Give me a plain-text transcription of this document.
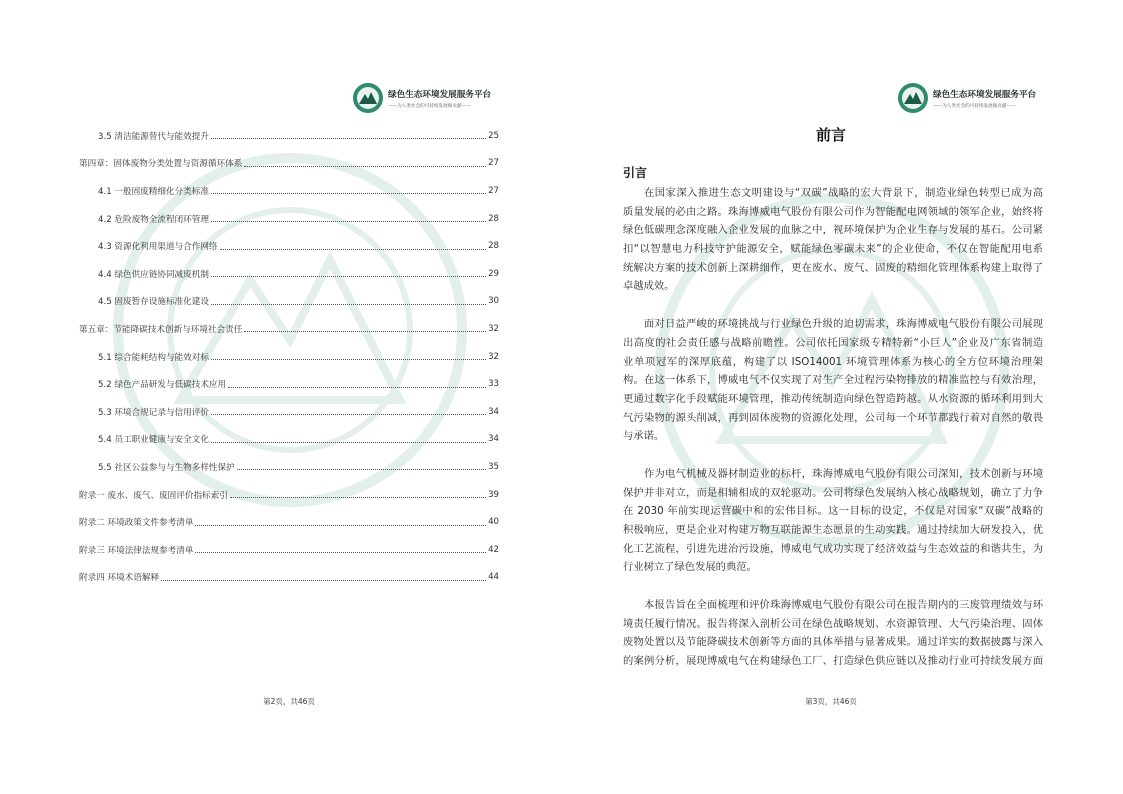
绿色生态环境发展服务平台
——为人类社会的可持续发展做贡献——
3.5 清洁能源替代与能效提升	25
第四章：固体废物分类处置与资源循环体系	27
4.1 一般固废精细化分类标准	27
4.2 危险废物全流程闭环管理	28
4.3 资源化利用渠道与合作网络	28
4.4 绿色供应链协同减废机制	29
4.5 固废暂存设施标准化建设	30
第五章：节能降碳技术创新与环境社会责任	32
5.1 综合能耗结构与能效对标	32
5.2 绿色产品研发与低碳技术应用	33
5.3 环境合规记录与信用评价	34
5.4 员工职业健康与安全文化	34
5.5 社区公益参与与生物多样性保护	35
附录一 废水、废气、废固评价指标索引	39
附录二 环境政策文件参考清单	40
附录三 环境法律法规参考清单	42
附录四 环境术语解释	44
第2页，共46页
绿色生态环境发展服务平台
——为人类社会的可持续发展做贡献——
前言
引言
在国家深入推进生态文明建设与“双碳”战略的宏大背景下，制造业绿色转型已成为高
质量发展的必由之路。珠海博威电气股份有限公司作为智能配电网领域的领军企业，始终将
绿色低碳理念深度融入企业发展的血脉之中，视环境保护为企业生存与发展的基石。公司紧
扣“以智慧电力科技守护能源安全，赋能绿色零碳未来”的企业使命，不仅在智能配用电系
统解决方案的技术创新上深耕细作，更在废水、废气、固废的精细化管理体系构建上取得了
卓越成效。
面对日益严峻的环境挑战与行业绿色升级的迫切需求，珠海博威电气股份有限公司展现
出高度的社会责任感与战略前瞻性。公司依托国家级专精特新“小巨人”企业及广东省制造
业单项冠军的深厚底蕴，构建了以 ISO14001 环境管理体系为核心的全方位环境治理架
构。在这一体系下，博威电气不仅实现了对生产全过程污染物排放的精准监控与有效治理，
更通过数字化手段赋能环境管理，推动传统制造向绿色智造跨越。从水资源的循环利用到大
气污染物的源头削减，再到固体废物的资源化处理，公司每一个环节都践行着对自然的敬畏
与承诺。
作为电气机械及器材制造业的标杆，珠海博威电气股份有限公司深知，技术创新与环境
保护并非对立，而是相辅相成的双轮驱动。公司将绿色发展纳入核心战略规划，确立了力争
在 2030 年前实现运营碳中和的宏伟目标。这一目标的设定，不仅是对国家“双碳”战略的
积极响应，更是企业对构建万物互联能源生态愿景的生动实践。通过持续加大研发投入，优
化工艺流程，引进先进治污设施，博威电气成功实现了经济效益与生态效益的和谐共生，为
行业树立了绿色发展的典范。
本报告旨在全面梳理和评价珠海博威电气股份有限公司在报告期内的三废管理绩效与环
境责任履行情况。报告将深入剖析公司在绿色战略规划、水资源管理、大气污染治理、固体
废物处置以及节能降碳技术创新等方面的具体举措与显著成果。通过详实的数据披露与深入
的案例分析，展现博威电气在构建绿色工厂、打造绿色供应链以及推动行业可持续发展方面
第3页，共46页
